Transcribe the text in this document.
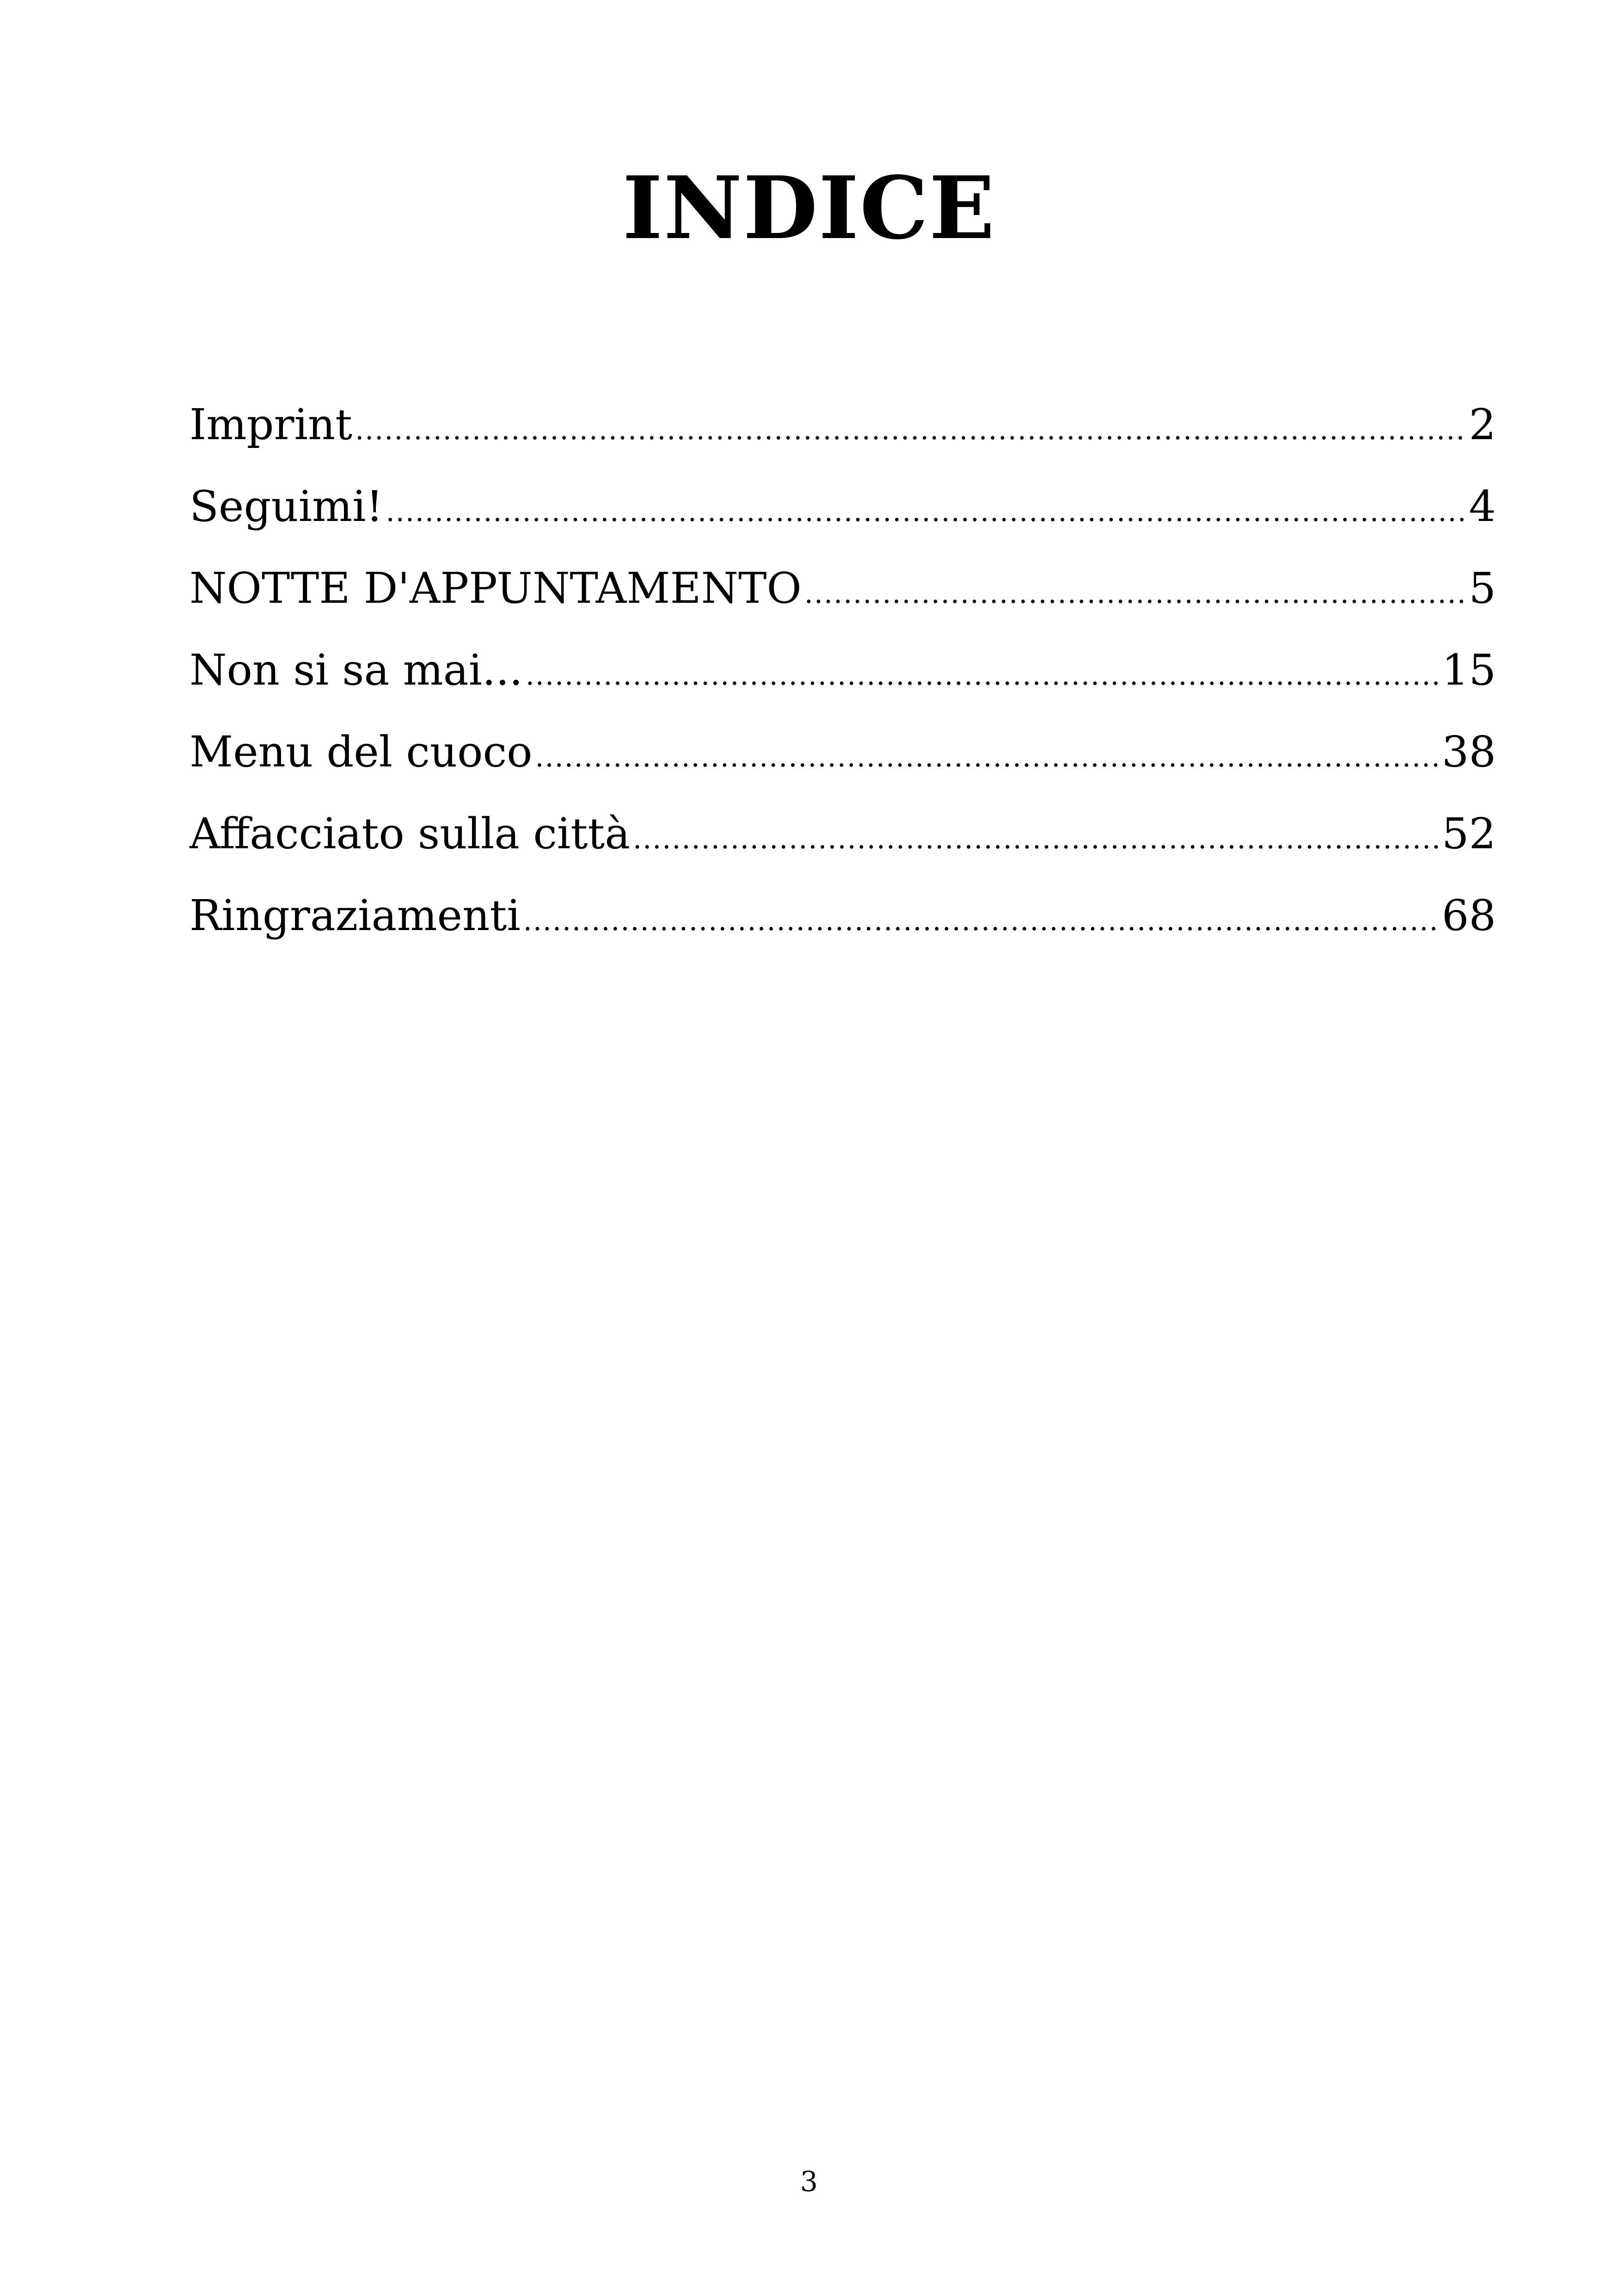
INDICE
Imprint .....	2
Seguimi! .....	4
NOTTE D'APPUNTAMENTO .....	5
Non si sa mai... .....	15
Menu del cuoco .....	38
Affacciato sulla città .....	52
Ringraziamenti .....	68
3
